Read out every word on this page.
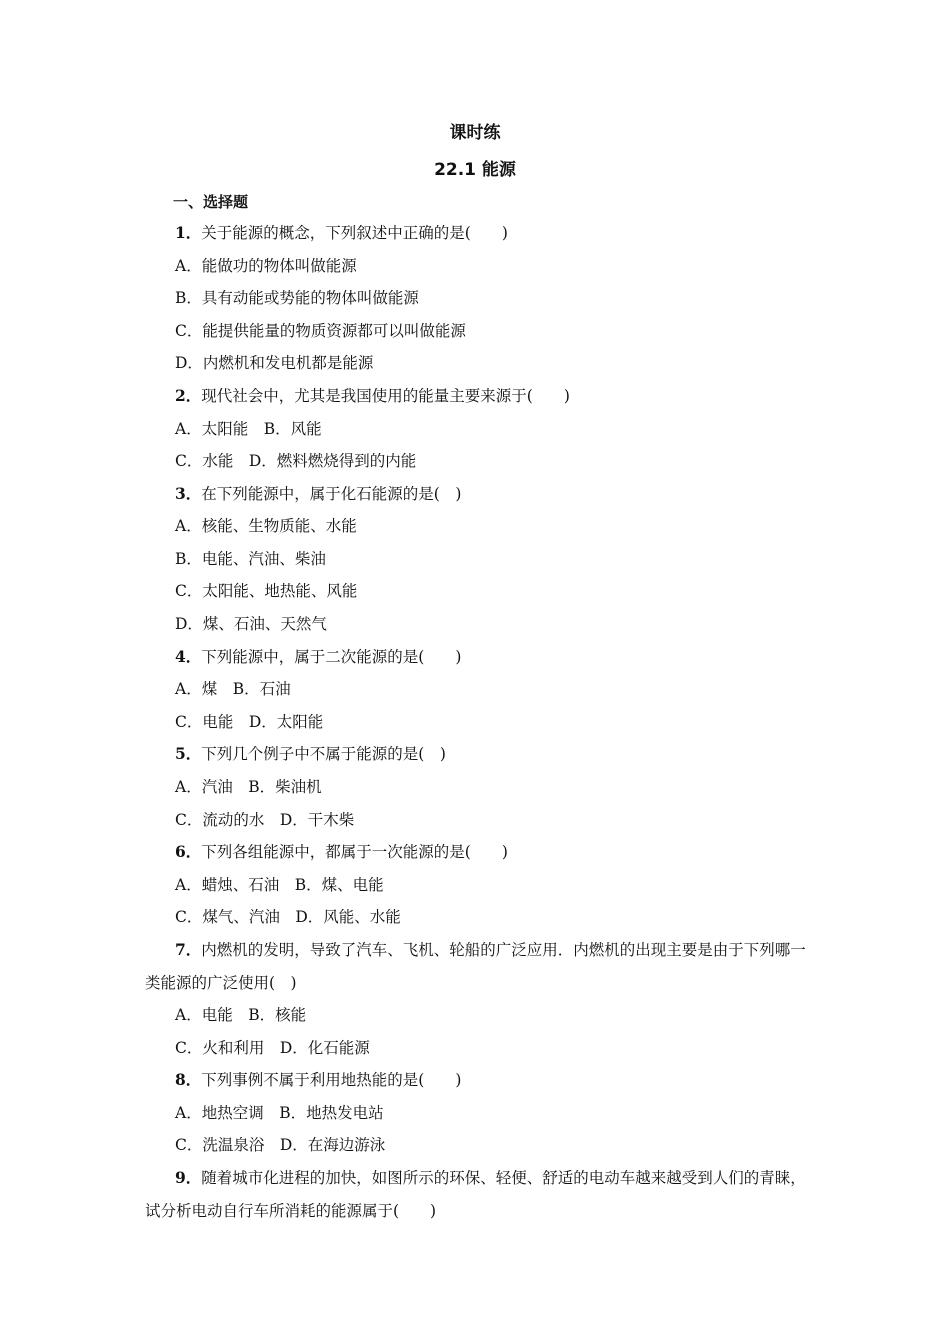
课时练
22.1 能源
一、选择题
1．关于能源的概念，下列叙述中正确的是(　　)
A．能做功的物体叫做能源
B．具有动能或势能的物体叫做能源
C．能提供能量的物质资源都可以叫做能源
D．内燃机和发电机都是能源
2．现代社会中，尤其是我国使用的能量主要来源于(　　)
A．太阳能　B．风能
C．水能　D．燃料燃烧得到的内能
3．在下列能源中，属于化石能源的是(　)
A．核能、生物质能、水能
B．电能、汽油、柴油
C．太阳能、地热能、风能
D．煤、石油、天然气
4．下列能源中，属于二次能源的是(　　)
A．煤　B．石油
C．电能　D．太阳能
5．下列几个例子中不属于能源的是(　)
A．汽油　B．柴油机
C．流动的水　D．干木柴
6．下列各组能源中，都属于一次能源的是(　　)
A．蜡烛、石油　B．煤、电能
C．煤气、汽油　D．风能、水能
7．内燃机的发明，导致了汽车、飞机、轮船的广泛应用．内燃机的出现主要是由于下列哪一类能源的广泛使用(　)
A．电能　B．核能
C．火和利用　D．化石能源
8．下列事例不属于利用地热能的是(　　)
A．地热空调　B．地热发电站
C．洗温泉浴　D．在海边游泳
9．随着城市化进程的加快，如图所示的环保、轻便、舒适的电动车越来越受到人们的青睐，试分析电动自行车所消耗的能源属于(　　)
